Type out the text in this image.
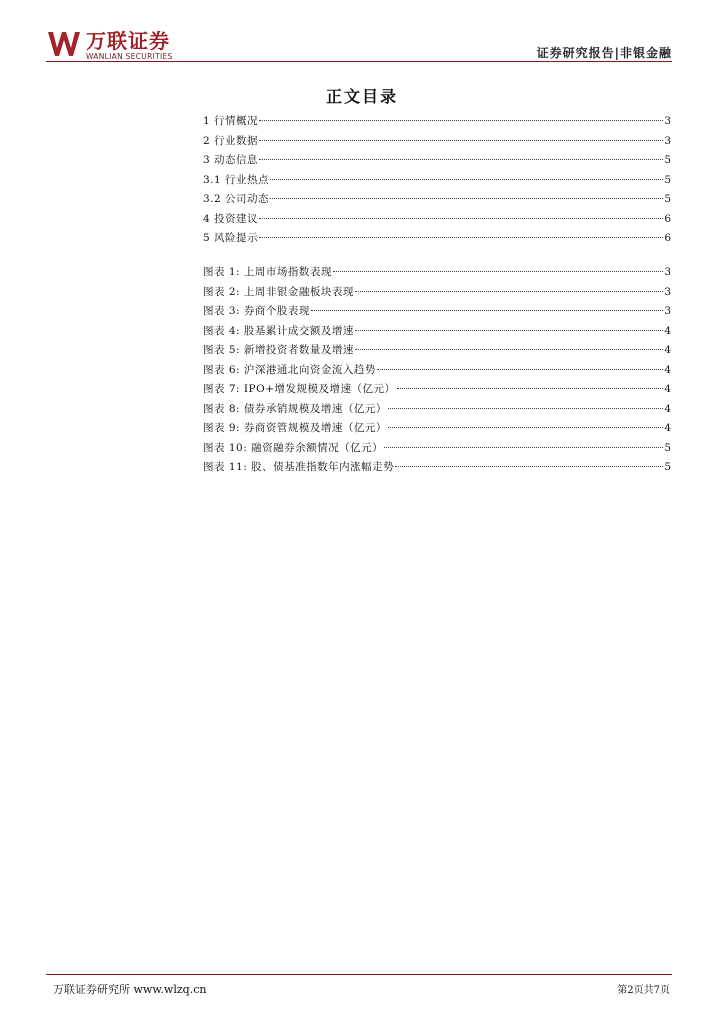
万联证券
WANLIAN SECURITIES	证券研究报告|非银金融
正文目录
1 行情概况	3
2 行业数据	3
3 动态信息	5
3.1 行业热点	5
3.2 公司动态	5
4 投资建议	6
5 风险提示	6
图表 1: 上周市场指数表现	3
图表 2: 上周非银金融板块表现	3
图表 3: 券商个股表现	3
图表 4: 股基累计成交额及增速	4
图表 5: 新增投资者数量及增速	4
图表 6: 沪深港通北向资金流入趋势	4
图表 7: IPO+增发规模及增速（亿元）	4
图表 8: 债券承销规模及增速（亿元）	4
图表 9: 券商资管规模及增速（亿元）	4
图表 10: 融资融券余额情况（亿元）	5
图表 11: 股、债基准指数年内涨幅走势	5
万联证券研究所 www.wlzq.cn	第2页共7页
